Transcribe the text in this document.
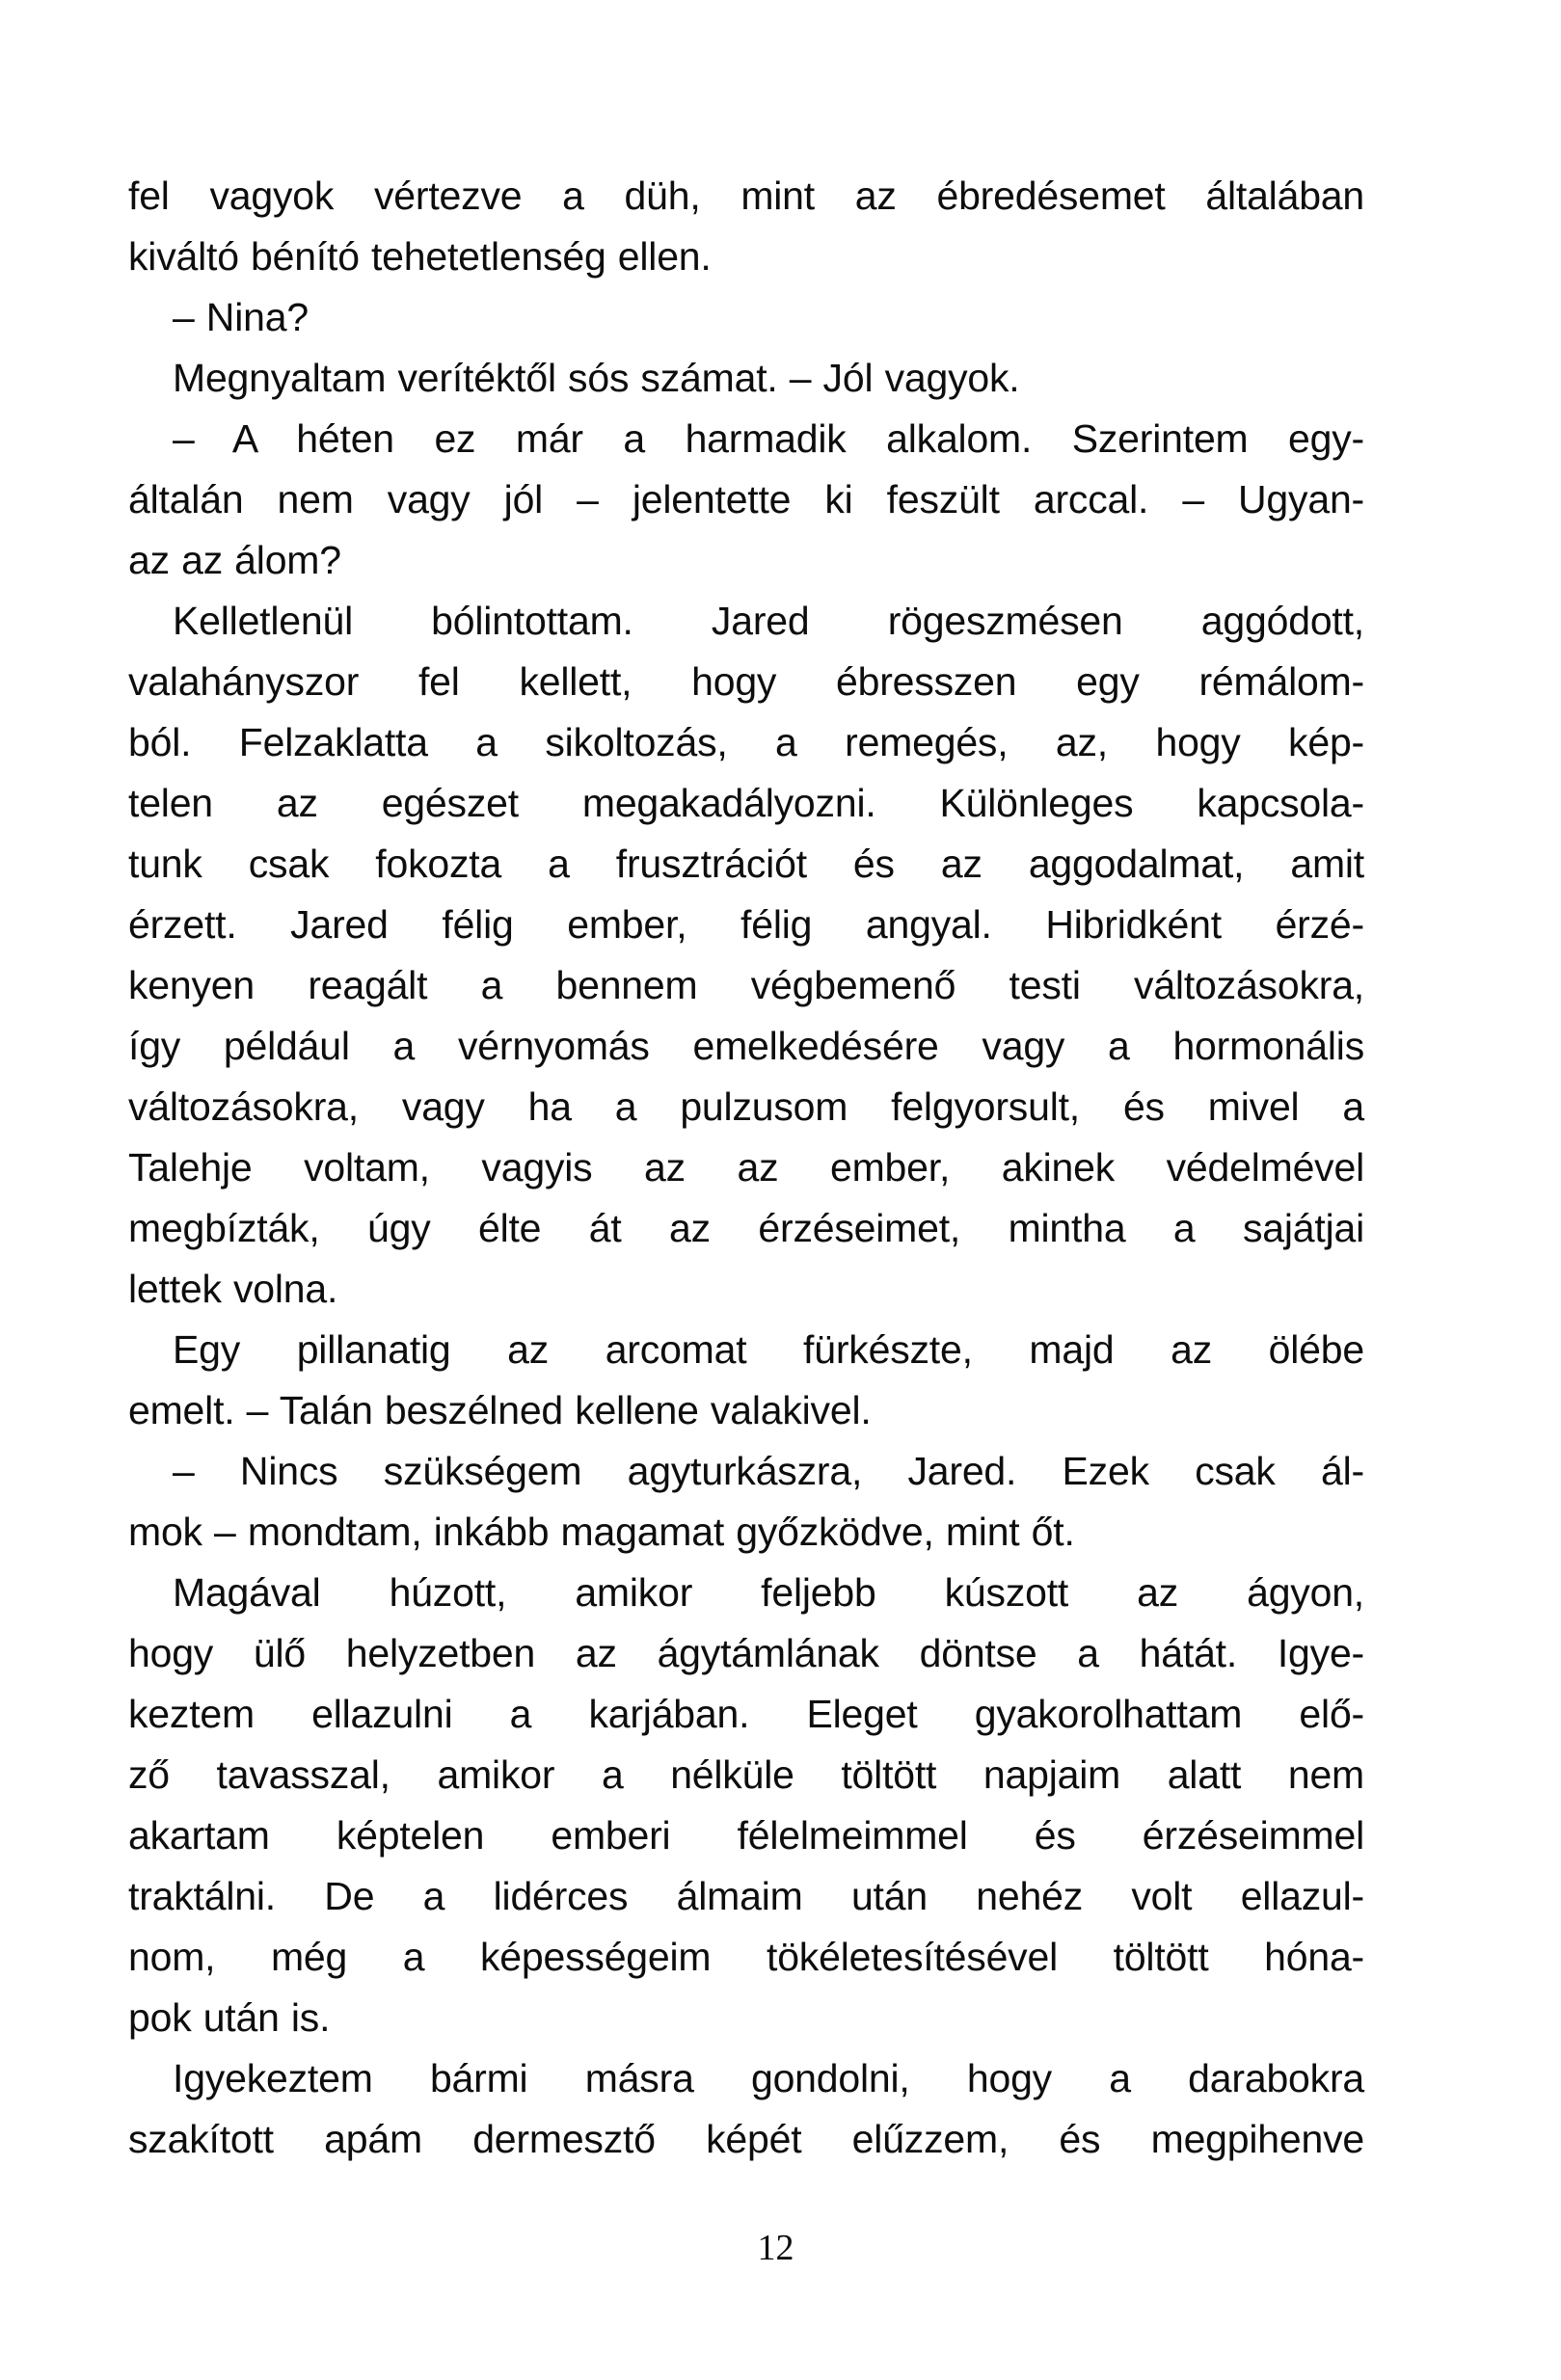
fel vagyok vértezve a düh, mint az ébredésemet általában
kiváltó bénító tehetetlenség ellen.
– Nina?
Megnyaltam verítéktől sós számat. – Jól vagyok.
– A héten ez már a harmadik alkalom. Szerintem egy-
általán nem vagy jól – jelentette ki feszült arccal. – Ugyan-
az az álom?
Kelletlenül bólintottam. Jared rögeszmésen aggódott,
valahányszor fel kellett, hogy ébresszen egy rémálom-
ból. Felzaklatta a sikoltozás, a remegés, az, hogy kép-
telen az egészet megakadályozni. Különleges kapcsola-
tunk csak fokozta a frusztrációt és az aggodalmat, amit
érzett. Jared félig ember, félig angyal. Hibridként érzé-
kenyen reagált a bennem végbemenő testi változásokra,
így például a vérnyomás emelkedésére vagy a hormonális
változásokra, vagy ha a pulzusom felgyorsult, és mivel a
Talehje voltam, vagyis az az ember, akinek védelmével
megbízták, úgy élte át az érzéseimet, mintha a sajátjai
lettek volna.
Egy pillanatig az arcomat fürkészte, majd az ölébe
emelt. – Talán beszélned kellene valakivel.
– Nincs szükségem agyturkászra, Jared. Ezek csak ál-
mok – mondtam, inkább magamat győzködve, mint őt.
Magával húzott, amikor feljebb kúszott az ágyon,
hogy ülő helyzetben az ágytámlának döntse a hátát. Igye-
keztem ellazulni a karjában. Eleget gyakorolhattam elő-
ző tavasszal, amikor a nélküle töltött napjaim alatt nem
akartam képtelen emberi félelmeimmel és érzéseimmel
traktálni. De a lidérces álmaim után nehéz volt ellazul-
nom, még a képességeim tökéletesítésével töltött hóna-
pok után is.
Igyekeztem bármi másra gondolni, hogy a darabokra
szakított apám dermesztő képét elűzzem, és megpihenve
12
